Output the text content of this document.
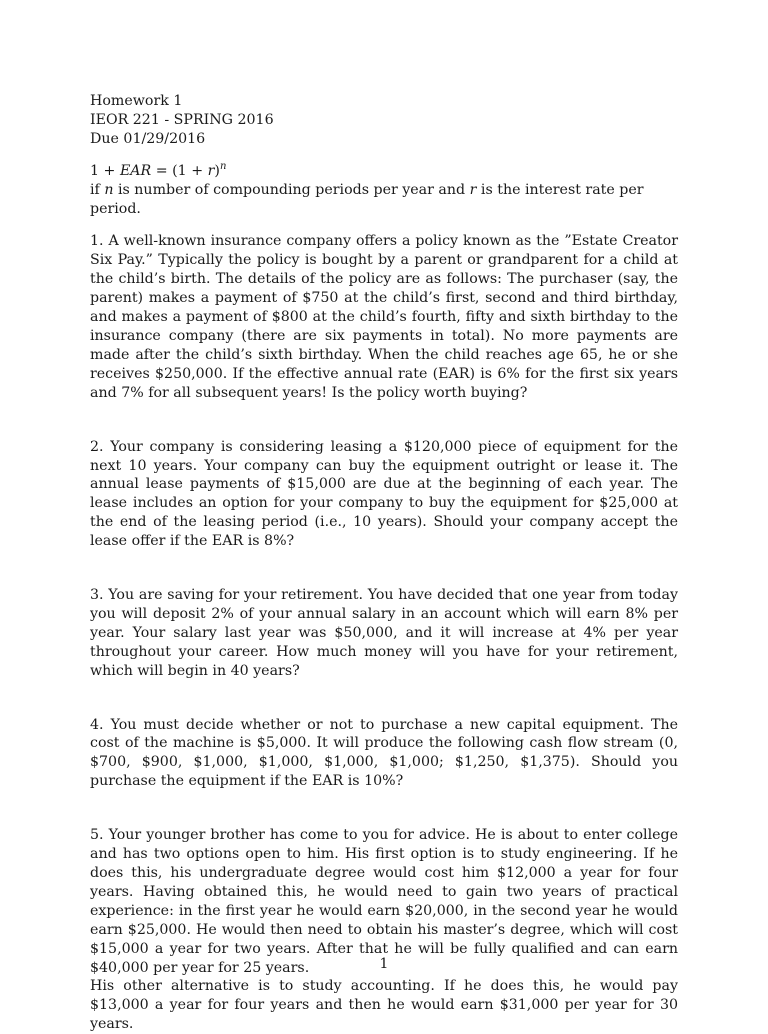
Homework 1
IEOR 221 - SPRING 2016
Due 01/29/2016
1 + EAR = $(1 + r)^n$
if n is number of compounding periods per year and r is the interest rate per period.

1. A well-known insurance company offers a policy known as the ”Estate Creator Six Pay.” Typically the policy is bought by a parent or grandparent for a child at the child’s birth. The details of the policy are as follows: The purchaser (say, the parent) makes a payment of $750 at the child’s first, second and third birthday, and makes a payment of $800 at the child’s fourth, fifty and sixth birthday to the insurance company (there are six payments in total). No more payments are made after the child’s sixth birthday. When the child reaches age 65, he or she receives $250,000. If the effective annual rate (EAR) is 6% for the first six years and 7% for all subsequent years! Is the policy worth buying?

2. Your company is considering leasing a $120,000 piece of equipment for the next 10 years. Your company can buy the equipment outright or lease it. The annual lease payments of $15,000 are due at the beginning of each year. The lease includes an option for your company to buy the equipment for $25,000 at the end of the leasing period (i.e., 10 years). Should your company accept the lease offer if the EAR is 8%?

3. You are saving for your retirement. You have decided that one year from today you will deposit 2% of your annual salary in an account which will earn 8% per year. Your salary last year was $50,000, and it will increase at 4% per year throughout your career. How much money will you have for your retirement, which will begin in 40 years?

4. You must decide whether or not to purchase a new capital equipment. The cost of the machine is $5,000. It will produce the following cash flow stream (0, $700, $900, $1,000, $1,000, $1,000, $1,000; $1,250, $1,375). Should you purchase the equipment if the EAR is 10%?

5. Your younger brother has come to you for advice. He is about to enter college and has two options open to him. His first option is to study engineering. If he does this, his undergraduate degree would cost him $12,000 a year for four years. Having obtained this, he would need to gain two years of practical experience: in the first year he would earn $20,000, in the second year he would earn $25,000. He would then need to obtain his master’s degree, which will cost $15,000 a year for two years. After that he will be fully qualified and can earn $40,000 per year for 25 years.

His other alternative is to study accounting. If he does this, he would pay $13,000 a year for four years and then he would earn $31,000 per year for 30 years.

1
